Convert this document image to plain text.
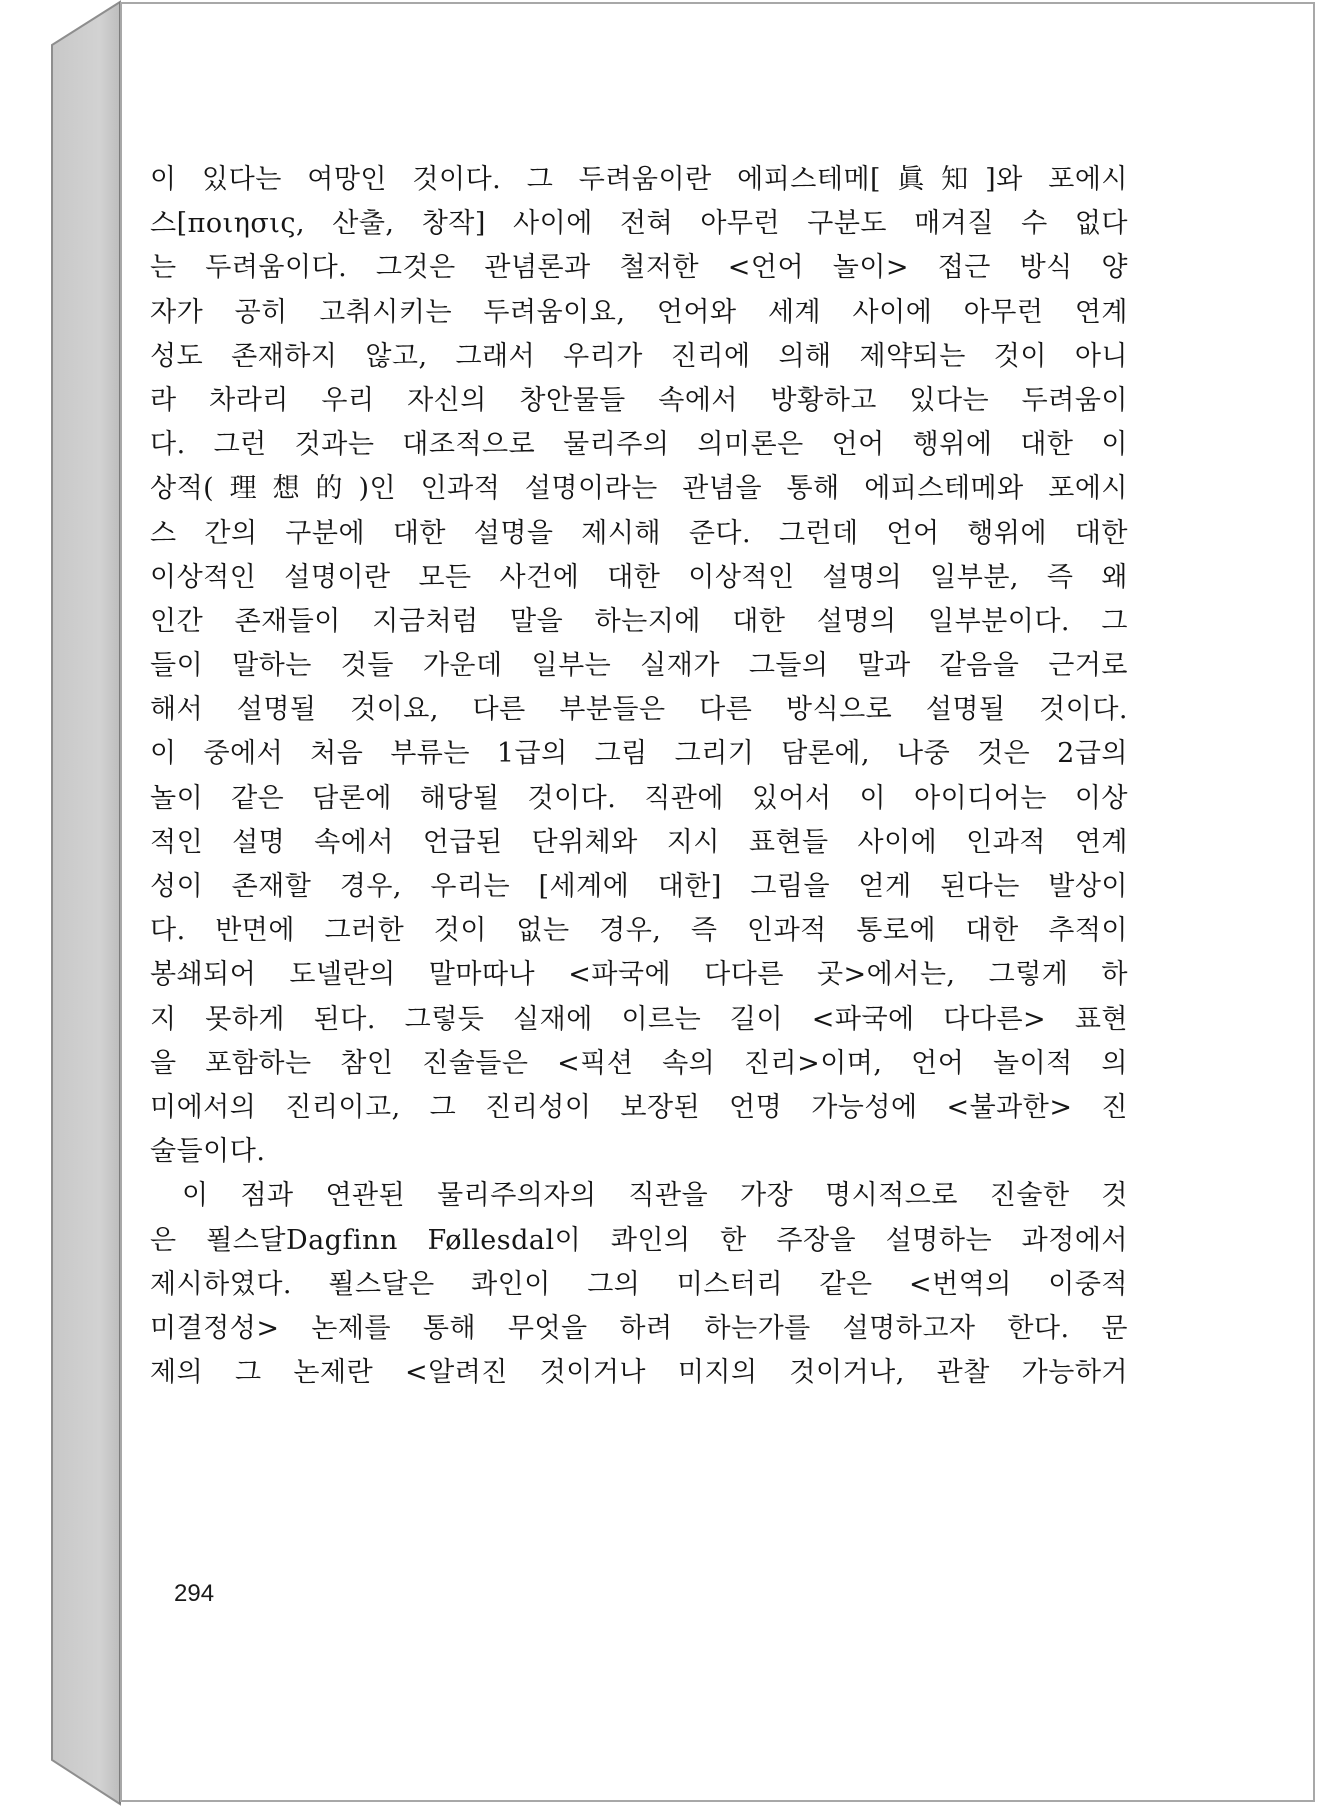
이 있다는 여망인 것이다. 그 두려움이란 에피스테메[眞知]와 포에시
스[ποιησις, 산출, 창작] 사이에 전혀 아무런 구분도 매겨질 수 없다
는 두려움이다. 그것은 관념론과 철저한 <언어 놀이> 접근 방식 양
자가 공히 고취시키는 두려움이요, 언어와 세계 사이에 아무런 연계
성도 존재하지 않고, 그래서 우리가 진리에 의해 제약되는 것이 아니
라 차라리 우리 자신의 창안물들 속에서 방황하고 있다는 두려움이
다. 그런 것과는 대조적으로 물리주의 의미론은 언어 행위에 대한 이
상적(理想的)인 인과적 설명이라는 관념을 통해 에피스테메와 포에시
스 간의 구분에 대한 설명을 제시해 준다. 그런데 언어 행위에 대한
이상적인 설명이란 모든 사건에 대한 이상적인 설명의 일부분, 즉 왜
인간 존재들이 지금처럼 말을 하는지에 대한 설명의 일부분이다. 그
들이 말하는 것들 가운데 일부는 실재가 그들의 말과 같음을 근거로
해서 설명될 것이요, 다른 부분들은 다른 방식으로 설명될 것이다.
이 중에서 처음 부류는 1급의 그림 그리기 담론에, 나중 것은 2급의
놀이 같은 담론에 해당될 것이다. 직관에 있어서 이 아이디어는 이상
적인 설명 속에서 언급된 단위체와 지시 표현들 사이에 인과적 연계
성이 존재할 경우, 우리는 [세계에 대한] 그림을 얻게 된다는 발상이
다. 반면에 그러한 것이 없는 경우, 즉 인과적 통로에 대한 추적이
봉쇄되어 도넬란의 말마따나 <파국에 다다른 곳>에서는, 그렇게 하
지 못하게 된다. 그렇듯 실재에 이르는 길이 <파국에 다다른> 표현
을 포함하는 참인 진술들은 <픽션 속의 진리>이며, 언어 놀이적 의
미에서의 진리이고, 그 진리성이 보장된 언명 가능성에 <불과한> 진
술들이다.
이 점과 연관된 물리주의자의 직관을 가장 명시적으로 진술한 것
은 푈스달Dagfinn Føllesdal이 콰인의 한 주장을 설명하는 과정에서
제시하였다. 푈스달은 콰인이 그의 미스터리 같은 <번역의 이중적
미결정성> 논제를 통해 무엇을 하려 하는가를 설명하고자 한다. 문
제의 그 논제란 <알려진 것이거나 미지의 것이거나, 관찰 가능하거
294
